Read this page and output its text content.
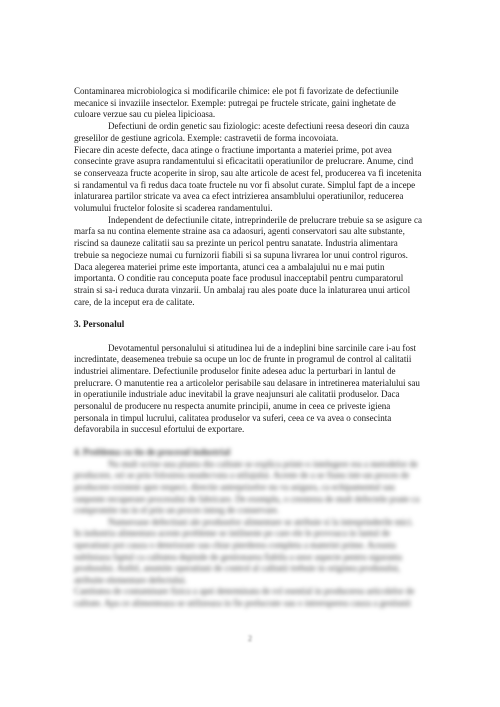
Contaminarea microbiologica si modificarile chimice: ele pot fi favorizate de defectiunile mecanice si invaziile insectelor. Exemple: putregai pe fructele stricate, gaini inghetate de culoare verzue sau cu pielea lipicioasa.

Defectiuni de ordin genetic sau fiziologic: aceste defectiuni reesa deseori din cauza greselilor de gestiune agricola. Exemple: castravetii de forma incovoiata.

Fiecare din aceste defecte, daca atinge o fractiune importanta a materiei prime, pot avea consecinte grave asupra randamentului si eficacitatii operatiunilor de prelucrare. Anume, cind se conserveaza fructe acoperite in sirop, sau alte articole de acest fel, producerea va fi incetenita si randamentul va fi redus daca toate fructele nu vor fi absolut curate. Simplul fapt de a incepe inlaturarea partilor stricate va avea ca efect intrizierea ansamblului operatiunilor, reducerea volumului fructelor folosite si scaderea randamentului.

Independent de defectiunile citate, intreprinderile de prelucrare trebuie sa se asigure ca marfa sa nu contina elemente straine asa ca adaosuri, agenti conservatori sau alte substante, riscind sa dauneze calitatii sau sa prezinte un pericol pentru sanatate. Industria alimentara trebuie sa negocieze numai cu furnizorii fiabili si sa supuna livrarea lor unui control riguros.

Daca alegerea materiei prime este importanta, atunci cea a ambalajului nu e mai putin importanta. O conditie rau conceputa poate face produsul inacceptabil pentru cumparatorul strain si sa-i reduca durata vinzarii. Un ambalaj rau ales poate duce la inlaturarea unui articol care, de la inceput era de calitate.

3. Personalul

Devotamentul personalului si atitudinea lui de a indeplini bine sarcinile care i-au fost incredintate, deasemenea trebuie sa ocupe un loc de frunte in programul de control al calitatii industriei alimentare. Defectiunile produselor finite adesea aduc la perturbari in lantul de prelucrare. O manutentie rea a articolelor perisabile sau delasare in intretinerea materialului sau in operatiunile industriale aduc inevitabil la grave neajunsuri ale calitatii produselor. Daca personalul de producere nu respecta anumite principii, anume in ceea ce priveste igiena personala in timpul lucrului, calitatea produselor va suferi, ceea ce va avea o consecinta defavorabila in succesul efortului de exportare.

4. Problema cu tio de procesul industrial

Nu mult scrise una planta din calitate se explica printr-o intelegere rea a metodelor de producere, ori se prin folosirea neadecvata a utilajului. Aceste de a se fiunu intr-un proces de producere existent apre respect, directie antreprizelor nu va asigura, ca echipamentul sau ranpente recuperare procesului de fabricare. De exemplu, o cresterea de mult defectele poate ca compromite nu in el prin un proces intreg de conservare.

Numeroase defectiuni ale produselor alimentare se atribuie si la intreprinderile mici. In industria alimentara aceste probleme se intilneste pe care ele le provoaca in lantul de operatiuni pot cauza o deteriorare sau chiar pierderea completa a materiei prime. Aceasta subliniaza faptul ca calitatea depinde de gestionarea fiabila a unor aspecte pentru siguranta produsului. Astfel, anumite operatiuni de control al calitatii trebuie in originea produsului, atribuite elementare defectului.

Cantitatea de contaminare fizica a apei determinata de rol esential in producerea articolelor de calitate. Apa ce alimenteaza se utilizeaza in fie prelucrate sau o intreruperea cauza a gestiunii

2
